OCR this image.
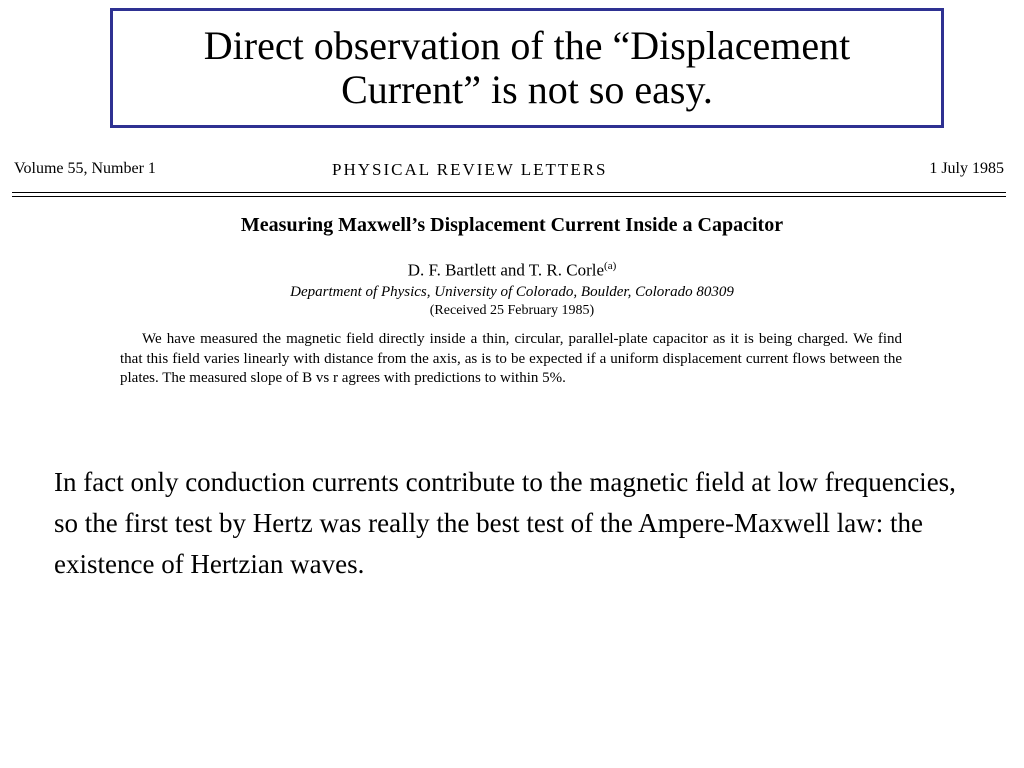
Direct observation of the “Displacement
Current” is not so easy.
Volume 55, Number 1	PHYSICAL REVIEW LETTERS	1 July 1985
Measuring Maxwell’s Displacement Current Inside a Capacitor
D. F. Bartlett and T. R. Corle$^{(a)}$
Department of Physics, University of Colorado, Boulder, Colorado 80309
(Received 25 February 1985)
We have measured the magnetic field directly inside a thin, circular, parallel-plate capacitor as it is being charged. We find that this field varies linearly with distance from the axis, as is to be expected if a uniform displacement current flows between the plates. The measured slope of B vs r agrees with predictions to within 5%.
In fact only conduction currents contribute to the magnetic field at low frequencies, so the first test by Hertz was really the best test of the Ampere-Maxwell law: the existence of Hertzian waves.
